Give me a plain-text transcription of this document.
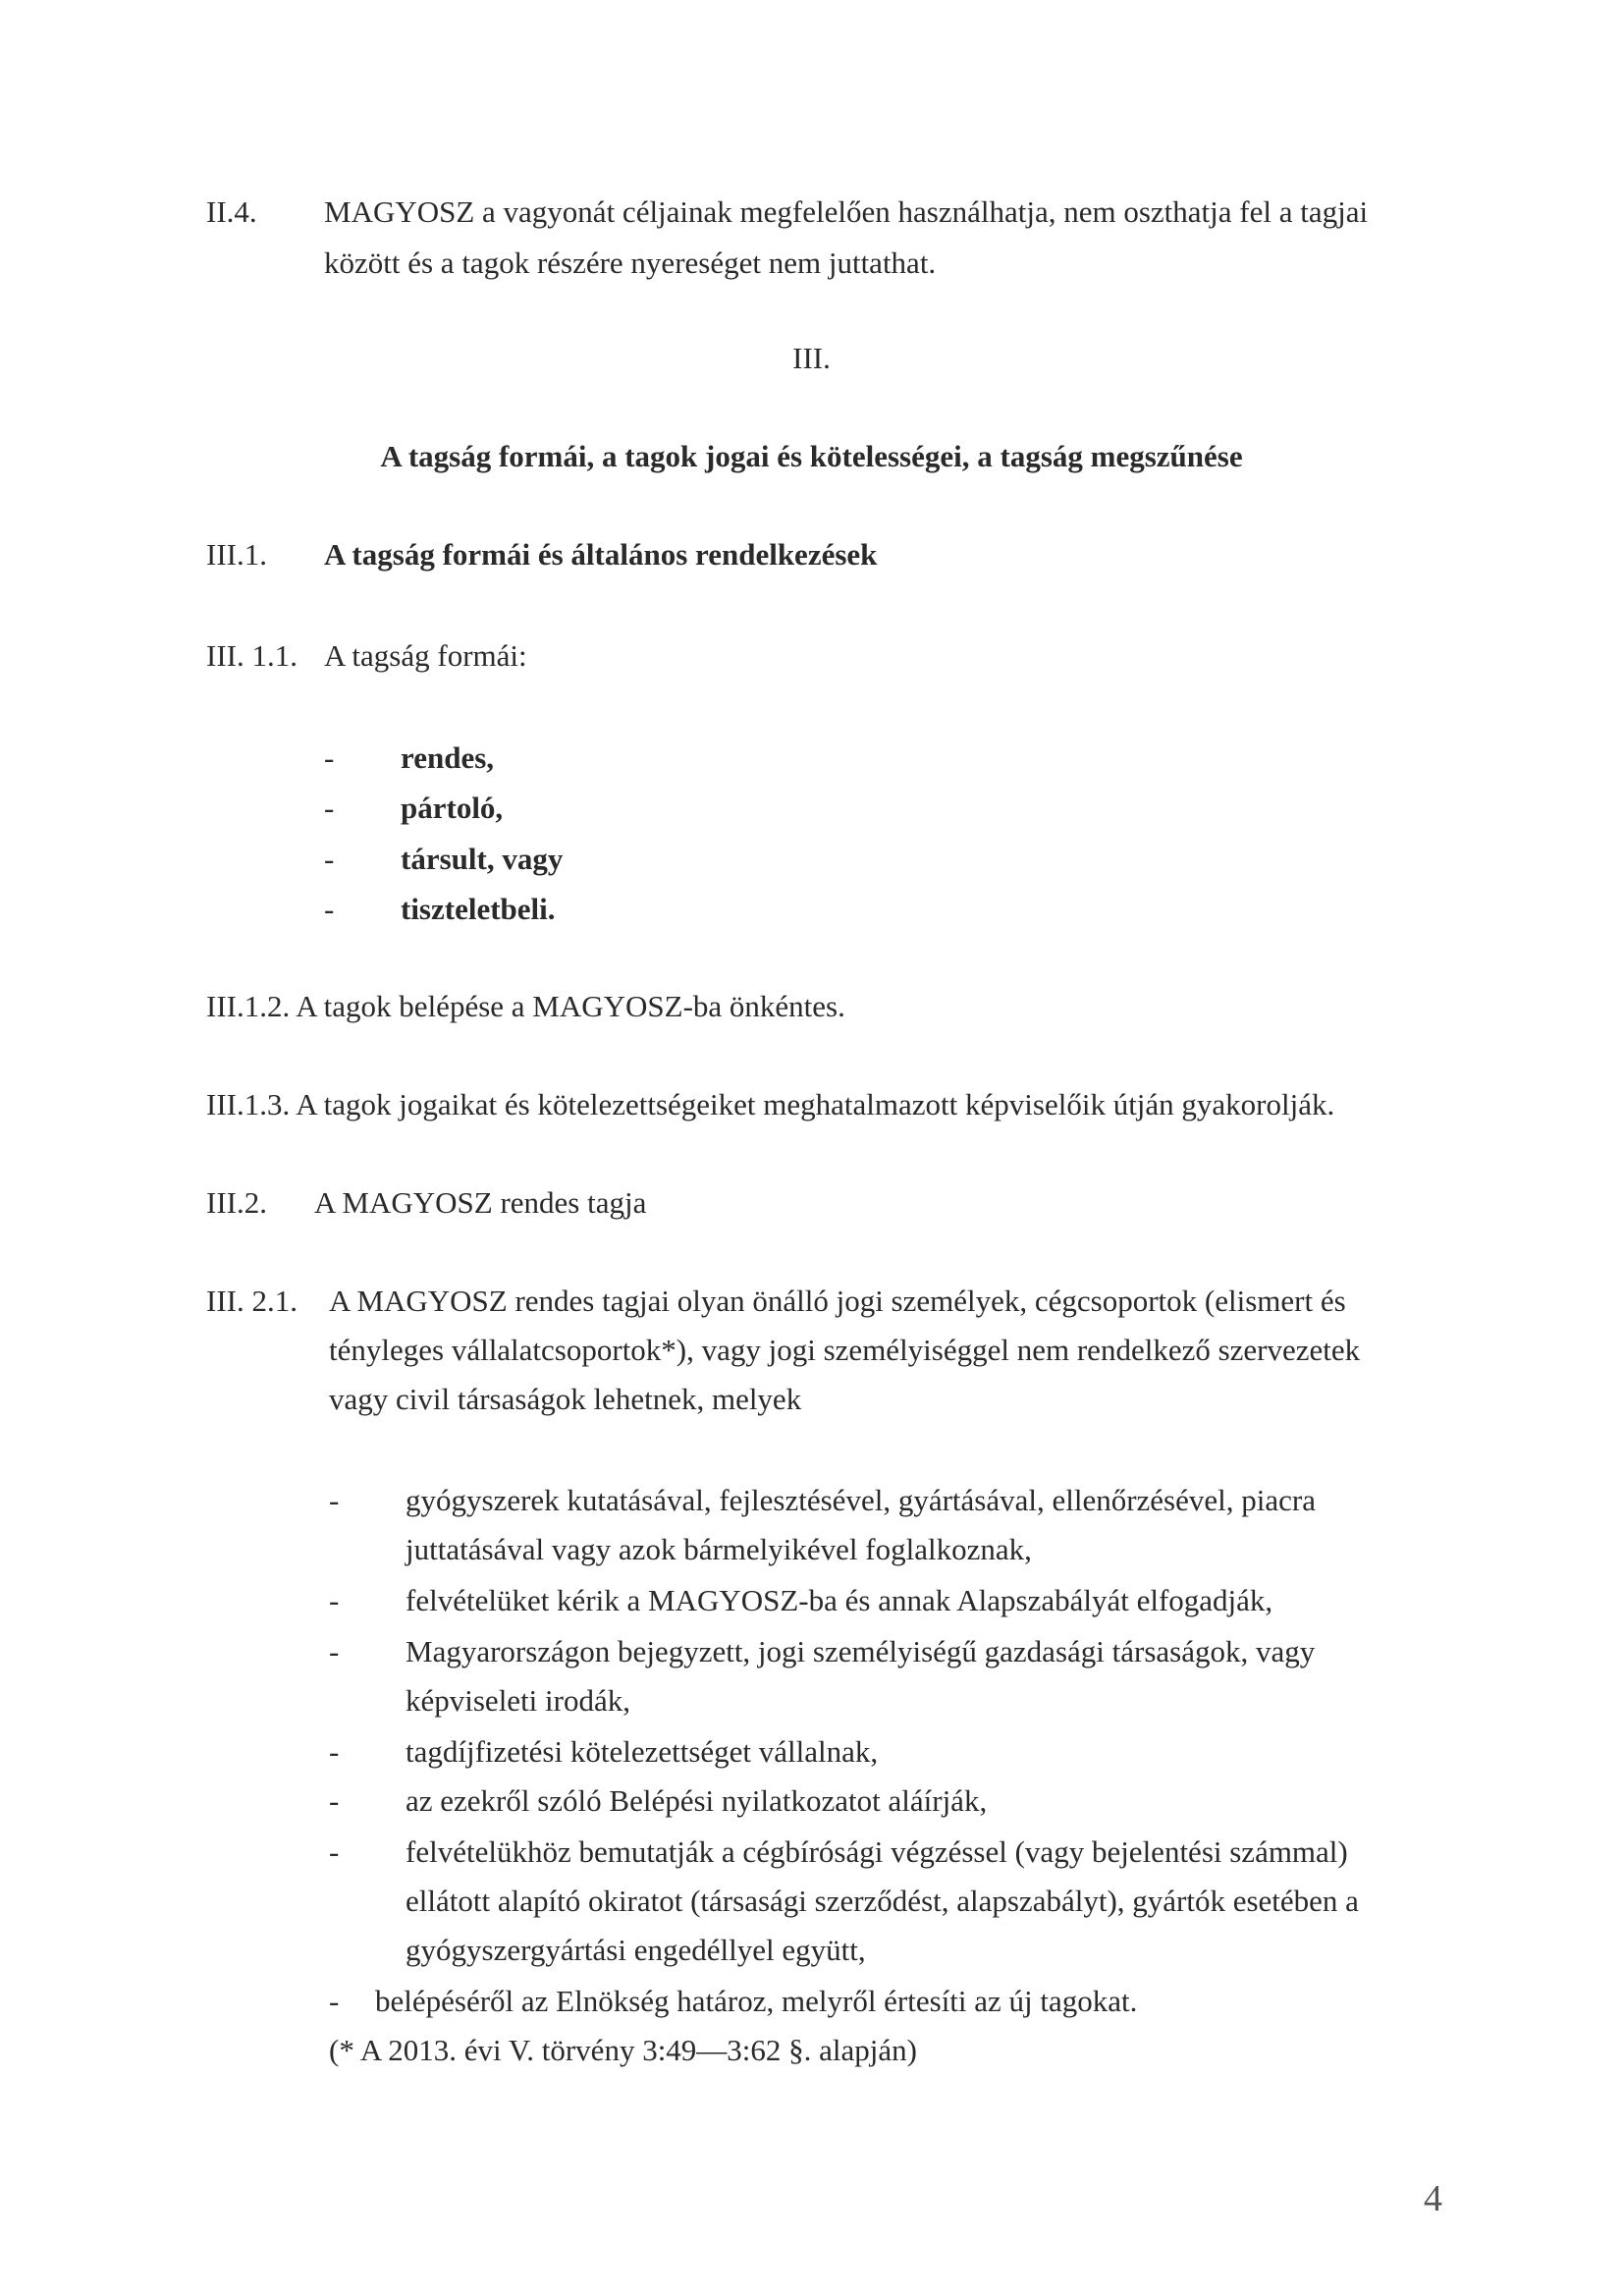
II.4. MAGYOSZ a vagyonát céljainak megfelelően használhatja, nem oszthatja fel a tagjai
között és a tagok részére nyereséget nem juttathat.
III.
A tagság formái, a tagok jogai és kötelességei, a tagság megszűnése
III.1. A tagság formái és általános rendelkezések
III. 1.1. A tagság formái:
- rendes,
- pártoló,
- társult, vagy
- tiszteletbeli.
III.1.2. A tagok belépése a MAGYOSZ-ba önkéntes.
III.1.3. A tagok jogaikat és kötelezettségeiket meghatalmazott képviselőik útján gyakorolják.
III.2. A MAGYOSZ rendes tagja
III. 2.1. A MAGYOSZ rendes tagjai olyan önálló jogi személyek, cégcsoportok (elismert és
tényleges vállalatcsoportok*), vagy jogi személyiséggel nem rendelkező szervezetek
vagy civil társaságok lehetnek, melyek
- gyógyszerek kutatásával, fejlesztésével, gyártásával, ellenőrzésével, piacra
juttatásával vagy azok bármelyikével foglalkoznak,
- felvételüket kérik a MAGYOSZ-ba és annak Alapszabályát elfogadják,
- Magyarországon bejegyzett, jogi személyiségű gazdasági társaságok, vagy
képviseleti irodák,
- tagdíjfizetési kötelezettséget vállalnak,
- az ezekről szóló Belépési nyilatkozatot aláírják,
- felvételükhöz bemutatják a cégbírósági végzéssel (vagy bejelentési számmal)
ellátott alapító okiratot (társasági szerződést, alapszabályt), gyártók esetében a
gyógyszergyártási engedéllyel együtt,
- belépéséről az Elnökség határoz, melyről értesíti az új tagokat.
(* A 2013. évi V. törvény 3:49—3:62 §. alapján)
4
